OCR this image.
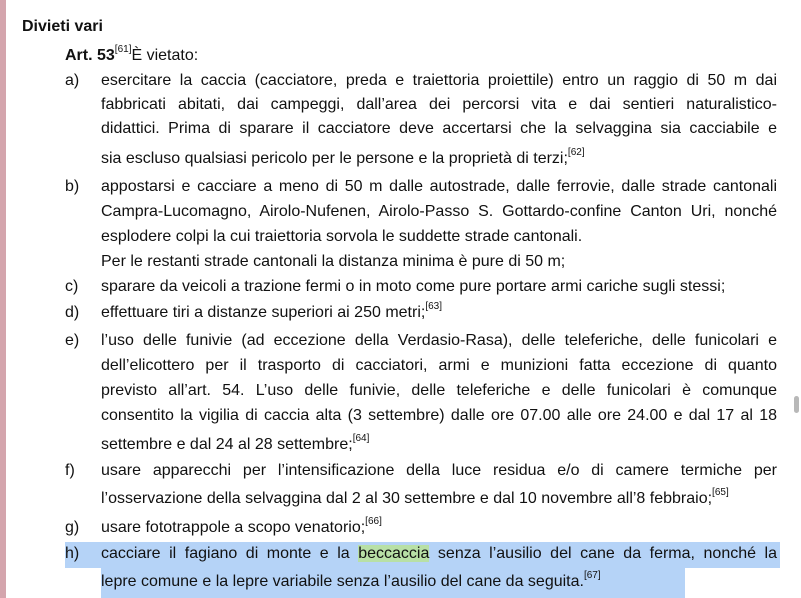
Divieti vari
Art. 53[61]È vietato:
a)	esercitare la caccia (cacciatore, preda e traiettoria proiettile) entro un raggio di 50 m dai
fabbricati abitati, dai campeggi, dall’area dei percorsi vita e dai sentieri naturalistico-
didattici. Prima di sparare il cacciatore deve accertarsi che la selvaggina sia cacciabile e
sia escluso qualsiasi pericolo per le persone e la proprietà di terzi;[62]
b)	appostarsi e cacciare a meno di 50 m dalle autostrade, dalle ferrovie, dalle strade cantonali
Campra-Lucomagno, Airolo-Nufenen, Airolo-Passo S. Gottardo-confine Canton Uri, nonché
esplodere colpi la cui traiettoria sorvola le suddette strade cantonali.
Per le restanti strade cantonali la distanza minima è pure di 50 m;
c)	sparare da veicoli a trazione fermi o in moto come pure portare armi cariche sugli stessi;
d)	effettuare tiri a distanze superiori ai 250 metri;[63]
e)	l’uso delle funivie (ad eccezione della Verdasio-Rasa), delle teleferiche, delle funicolari e
dell’elicottero per il trasporto di cacciatori, armi e munizioni fatta eccezione di quanto
previsto all’art. 54. L’uso delle funivie, delle teleferiche e delle funicolari è comunque
consentito la vigilia di caccia alta (3 settembre) dalle ore 07.00 alle ore 24.00 e dal 17 al 18
settembre e dal 24 al 28 settembre;[64]
f)	usare apparecchi per l’intensificazione della luce residua e/o di camere termiche per
l’osservazione della selvaggina dal 2 al 30 settembre e dal 10 novembre all’8 febbraio;[65]
g)	usare fototrappole a scopo venatorio;[66]
h)	cacciare il fagiano di monte e la beccaccia senza l’ausilio del cane da ferma, nonché la
lepre comune e la lepre variabile senza l’ausilio del cane da seguita.[67]
